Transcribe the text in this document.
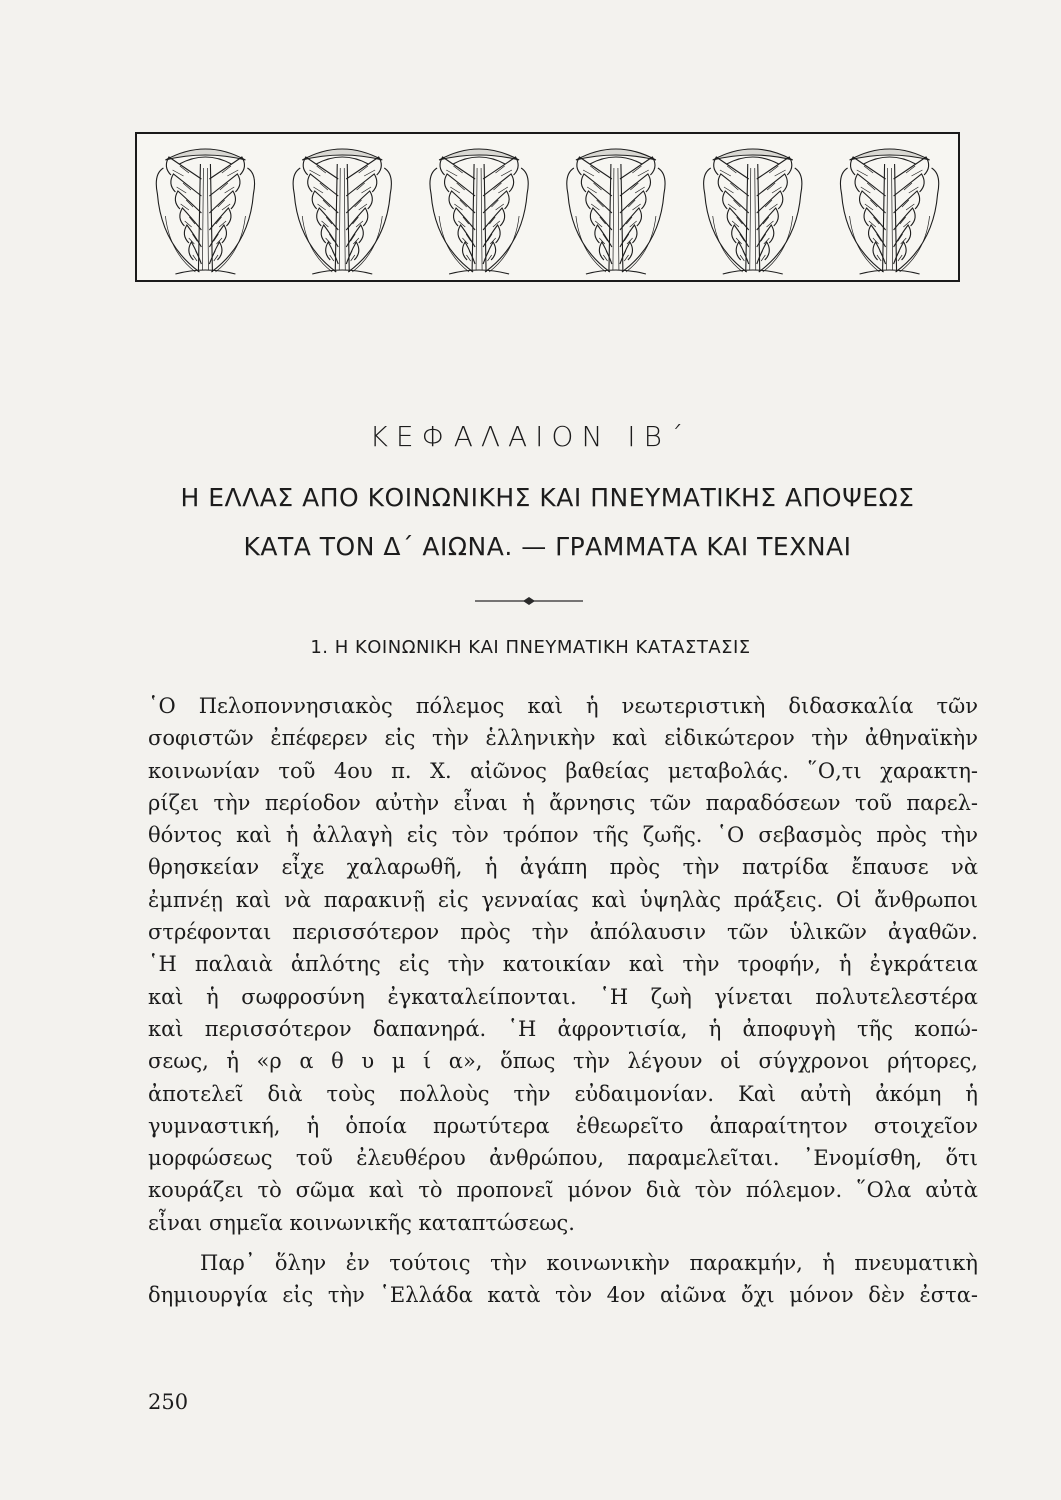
ΚΕΦΑΛΑΙΟΝ ΙΒ΄
Η ΕΛΛΑΣ ΑΠΟ ΚΟΙΝΩΝΙΚΗΣ ΚΑΙ ΠΝΕΥΜΑΤΙΚΗΣ ΑΠΟΨΕΩΣ
ΚΑΤΑ ΤΟΝ Δ΄ ΑΙΩΝΑ. — ΓΡΑΜΜΑΤΑ ΚΑΙ ΤΕΧΝΑΙ
1. Η ΚΟΙΝΩΝΙΚΗ ΚΑΙ ΠΝΕΥΜΑΤΙΚΗ ΚΑΤΑΣΤΑΣΙΣ
῾Ο Πελοποννησιακὸς πόλεμος καὶ ἡ νεωτεριστικὴ διδασκαλία τῶν
σοφιστῶν ἐπέφερεν εἰς τὴν ἑλληνικὴν καὶ εἰδικώτερον τὴν ἀθηναϊκὴν
κοινωνίαν τοῦ 4ου π. Χ. αἰῶνος βαθείας μεταβολάς. ῞Ο,τι χαρακτη-
ρίζει τὴν περίοδον αὐτὴν εἶναι ἡ ἄρνησις τῶν παραδόσεων τοῦ παρελ-
θόντος καὶ ἡ ἀλλαγὴ εἰς τὸν τρόπον τῆς ζωῆς. ῾Ο σεβασμὸς πρὸς τὴν
θρησκείαν εἶχε χαλαρωθῆ, ἡ ἀγάπη πρὸς τὴν πατρίδα ἔπαυσε νὰ
ἐμπνέῃ καὶ νὰ παρακινῇ εἰς γενναίας καὶ ὑψηλὰς πράξεις. Οἱ ἄνθρωποι
στρέφονται περισσότερον πρὸς τὴν ἀπόλαυσιν τῶν ὑλικῶν ἀγαθῶν.
῾Η παλαιὰ ἁπλότης εἰς τὴν κατοικίαν καὶ τὴν τροφήν, ἡ ἐγκράτεια
καὶ ἡ σωφροσύνη ἐγκαταλείπονται. ῾Η ζωὴ γίνεται πολυτελεστέρα
καὶ περισσότερον δαπανηρά. ῾Η ἀφροντισία, ἡ ἀποφυγὴ τῆς κοπώ-
σεως, ἡ «ρ α θ υ μ ί α», ὅπως τὴν λέγουν οἱ σύγχρονοι ρήτορες,
ἀποτελεῖ διὰ τοὺς πολλοὺς τὴν εὐδαιμονίαν. Καὶ αὐτὴ ἀκόμη ἡ
γυμναστική, ἡ ὁποία πρωτύτερα ἐθεωρεῖτο ἀπαραίτητον στοιχεῖον
μορφώσεως τοῦ ἐλευθέρου ἀνθρώπου, παραμελεῖται. ᾿Ενομίσθη, ὅτι
κουράζει τὸ σῶμα καὶ τὸ προπονεῖ μόνον διὰ τὸν πόλεμον. ῞Ολα αὐτὰ
εἶναι σημεῖα κοινωνικῆς καταπτώσεως.
Παρ᾿ ὅλην ἐν τούτοις τὴν κοινωνικὴν παρακμήν, ἡ πνευματικὴ
δημιουργία εἰς τὴν ῾Ελλάδα κατὰ τὸν 4ον αἰῶνα ὄχι μόνον δὲν ἐστα-
250
